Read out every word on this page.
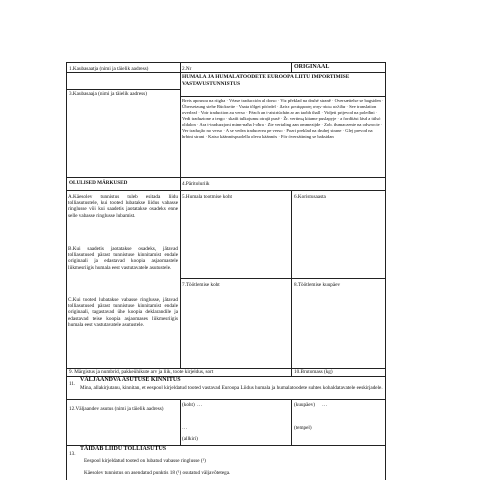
1.Kaubasaatja (nimi ja täielik aadress)	2.Nr	ORIGINAAL
HUMALA JA HUMALATOODETE EUROOPA LIITU IMPORTIMISE
VASTAVUSTUNNISTUS
3.Kaubasaaja (nimi ja täielik aadress)
Breis aposnoa na riigha · Véase traducción al dorso · Viz překlad na druhé straně · Oversættelse se bagsiden · Übersetzung siehe Rückseite · Vaata tõlget pöördel · Δείτε μετάφραση στην πίσω σελίδα · See translation overleaf · Voir traduction au verso · Féach an t-aistriúchán ar an taobh thall · Vidjeti prijevod na poleđini · Vedi traduzione a tergo · skatīt tulkojumu otrajā pusē · Žr. vertimą kitame puslapyje · a fordítást lásd a túlsó oldalon · Ara t-traduzzjoni minn-naħa l-oħra · Zie vertaling aan ommezijde · Zob. tłumaczenie na odwrocie · Ver tradução no verso · A se vedea traducerea pe verso · Pozri preklad na druhej strane · Glej prevod na hrbtni strani · Katso käännöspuolella oleva käännös · För översättning se baksidan
OLULISED MÄRKUSED	4.Päritoluriik
A.Käesolev tunnistus tuleb esitada liidu tolliasutustele, kui tooted lubatakse liidus vabasse ringlusse või kui saadetis jaotatakse osadeks enne selle vabasse ringlusse lubamist.
B.Kui saadetis jaotatakse osadeks, jätavad tolliasutused pärast tunnistuse kinnitamist endale originaali ja edastavad koopia asjaomastele liikmesriigis humala eest vastutavatele asutustele.
C.Kui tooted lubatakse vabasse ringlusse, jätavad tolliasutused pärast tunnistuse kinnitamist endale originaali, tagastavad ühe koopia deklarandile ja edastavad teise koopia asjaomases liikmesriigis humala eest vastutavatele asutustele.
5.Humala tootmise koht	6.Koristusaasta
7.Töötlemise koht	8.Töötlemise kuupäev
9. Märgistus ja numbrid, pakkeühikute arv ja liik, toote kirjeldus, sort	10.Brutomass (kg)
11.
VÄLJAANDVA ASUTUSE KINNITUS
Mina, allakirjutanu, kinnitan, et eespool kirjeldatud tooted vastavad Euroopa Liidus humala ja humalatoodete suhtes kohaldatavatele eeskirjadele.
12.Väljaandev asutus (nimi ja täielik aadress)
(koht) …	(kuupäev) …
…	(tempel)
(allkiri)
13.
TÄIDAB LIIDU TOLLIASUTUS
Eespool kirjeldatud tooted on lubatud vabasse ringlusse (¹)
Käesolev tunnistus on asendatud punktis 18 (¹) osutatud väljavõtetega.
